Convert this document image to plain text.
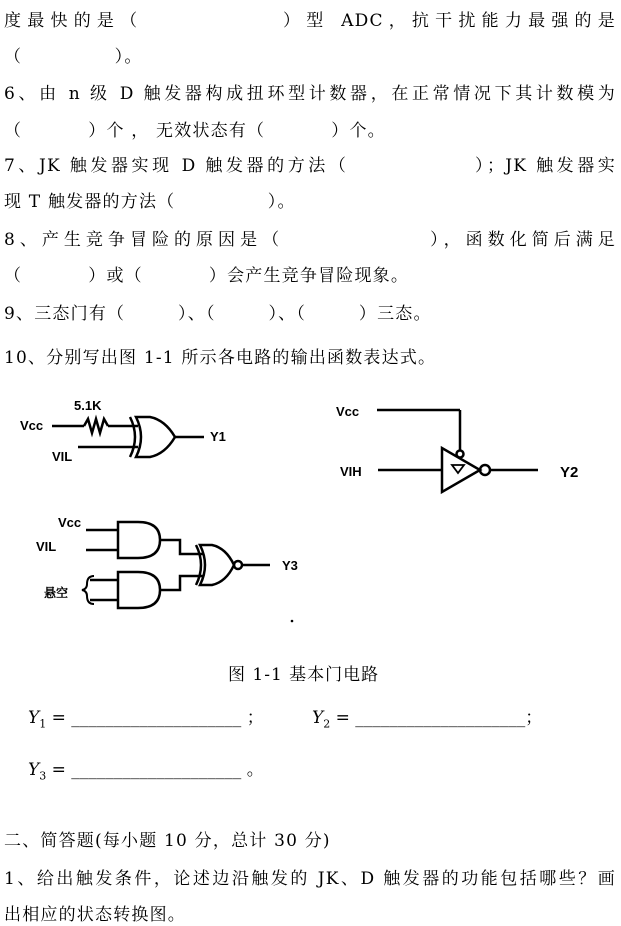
度最快的是（            ）型 ADC，抗干扰能力最强的是
（              ）。
6、由 n 级 D 触发器构成扭环型计数器，在正常情况下其计数模为
（          ）个 ， 无效状态有（          ）个。
7、JK 触发器实现 D 触发器的方法（              ）；JK 触发器实
现 T 触发器的方法（              ）。
8、产生竞争冒险的原因是（              ），函数化简后满足
（          ）或（          ）会产生竞争冒险现象。
9、三态门有（        ）、（        ）、（        ）三态。
10、分别写出图 1-1 所示各电路的输出函数表达式。
Vcc
5.1K
VIL
Y1
Vcc
VIH	Y2
Vcc
VIL
悬空
Y3
图 1-1 基本门电路
$Y_1$ = ____________________ ；	$Y_2$ = ____________________；
$Y_3$ = ____________________ 。
二、简答题(每小题 10 分，总计 30 分)
1、给出触发条件，论述边沿触发的 JK、D 触发器的功能包括哪些？画
出相应的状态转换图。
